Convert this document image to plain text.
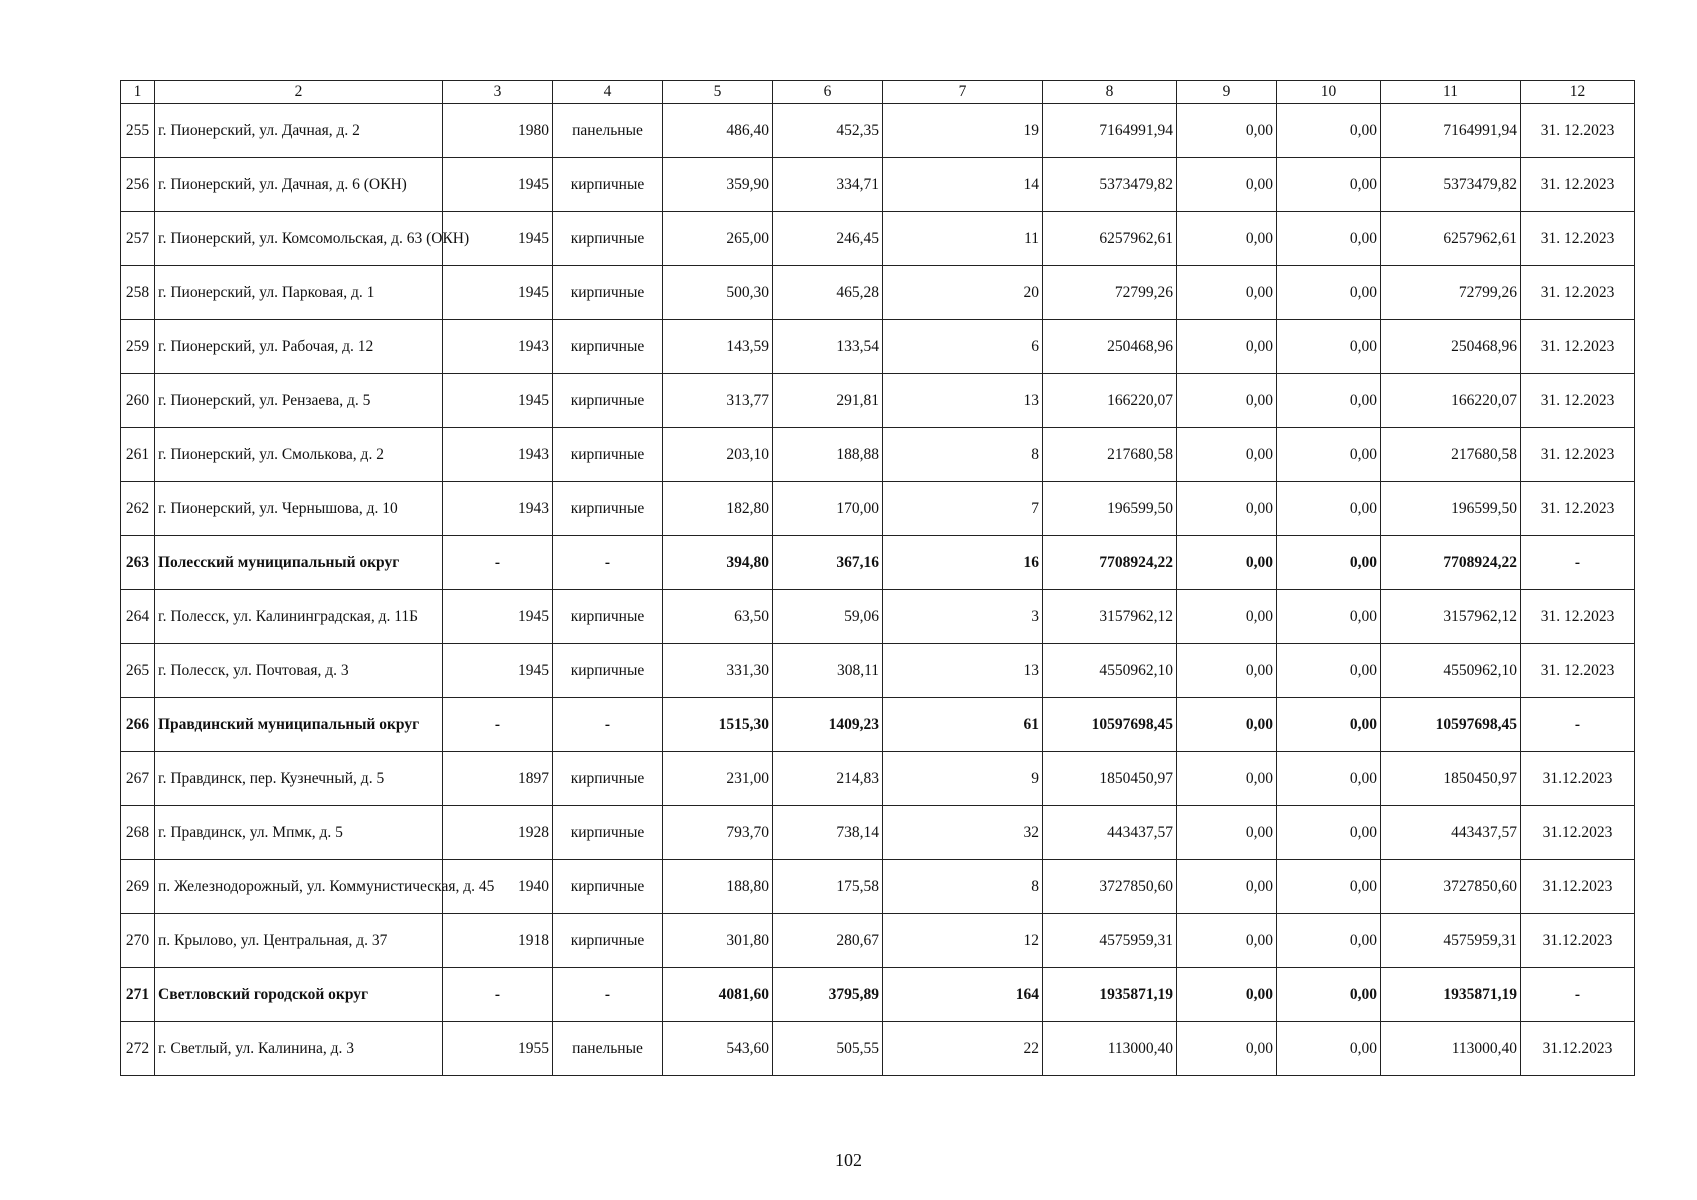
1	2	3	4	5	6	7	8	9	10	11	12
255	г. Пионерский, ул. Дачная, д. 2	1980	панельные	486,40	452,35	19	7164991,94	0,00	0,00	7164991,94	31. 12.2023
256	г. Пионерский, ул. Дачная, д. 6 (ОКН)	1945	кирпичные	359,90	334,71	14	5373479,82	0,00	0,00	5373479,82	31. 12.2023
257	г. Пионерский, ул. Комсомольская, д. 63 (ОКН)	1945	кирпичные	265,00	246,45	11	6257962,61	0,00	0,00	6257962,61	31. 12.2023
258	г. Пионерский, ул. Парковая, д. 1	1945	кирпичные	500,30	465,28	20	72799,26	0,00	0,00	72799,26	31. 12.2023
259	г. Пионерский, ул. Рабочая, д. 12	1943	кирпичные	143,59	133,54	6	250468,96	0,00	0,00	250468,96	31. 12.2023
260	г. Пионерский, ул. Рензаева, д. 5	1945	кирпичные	313,77	291,81	13	166220,07	0,00	0,00	166220,07	31. 12.2023
261	г. Пионерский, ул. Смолькова, д. 2	1943	кирпичные	203,10	188,88	8	217680,58	0,00	0,00	217680,58	31. 12.2023
262	г. Пионерский, ул. Чернышова, д. 10	1943	кирпичные	182,80	170,00	7	196599,50	0,00	0,00	196599,50	31. 12.2023
263	Полесский муниципальный округ	-	-	394,80	367,16	16	7708924,22	0,00	0,00	7708924,22	-
264	г. Полесск, ул. Калининградская, д. 11Б	1945	кирпичные	63,50	59,06	3	3157962,12	0,00	0,00	3157962,12	31. 12.2023
265	г. Полесск, ул. Почтовая, д. 3	1945	кирпичные	331,30	308,11	13	4550962,10	0,00	0,00	4550962,10	31. 12.2023
266	Правдинский муниципальный округ	-	-	1515,30	1409,23	61	10597698,45	0,00	0,00	10597698,45	-
267	г. Правдинск, пер. Кузнечный, д. 5	1897	кирпичные	231,00	214,83	9	1850450,97	0,00	0,00	1850450,97	31.12.2023
268	г. Правдинск, ул. Мпмк, д. 5	1928	кирпичные	793,70	738,14	32	443437,57	0,00	0,00	443437,57	31.12.2023
269	п. Железнодорожный, ул. Коммунистическая, д. 45	1940	кирпичные	188,80	175,58	8	3727850,60	0,00	0,00	3727850,60	31.12.2023
270	п. Крылово, ул. Центральная, д. 37	1918	кирпичные	301,80	280,67	12	4575959,31	0,00	0,00	4575959,31	31.12.2023
271	Светловский городской округ	-	-	4081,60	3795,89	164	1935871,19	0,00	0,00	1935871,19	-
272	г. Светлый, ул. Калинина, д. 3	1955	панельные	543,60	505,55	22	113000,40	0,00	0,00	113000,40	31.12.2023
102
